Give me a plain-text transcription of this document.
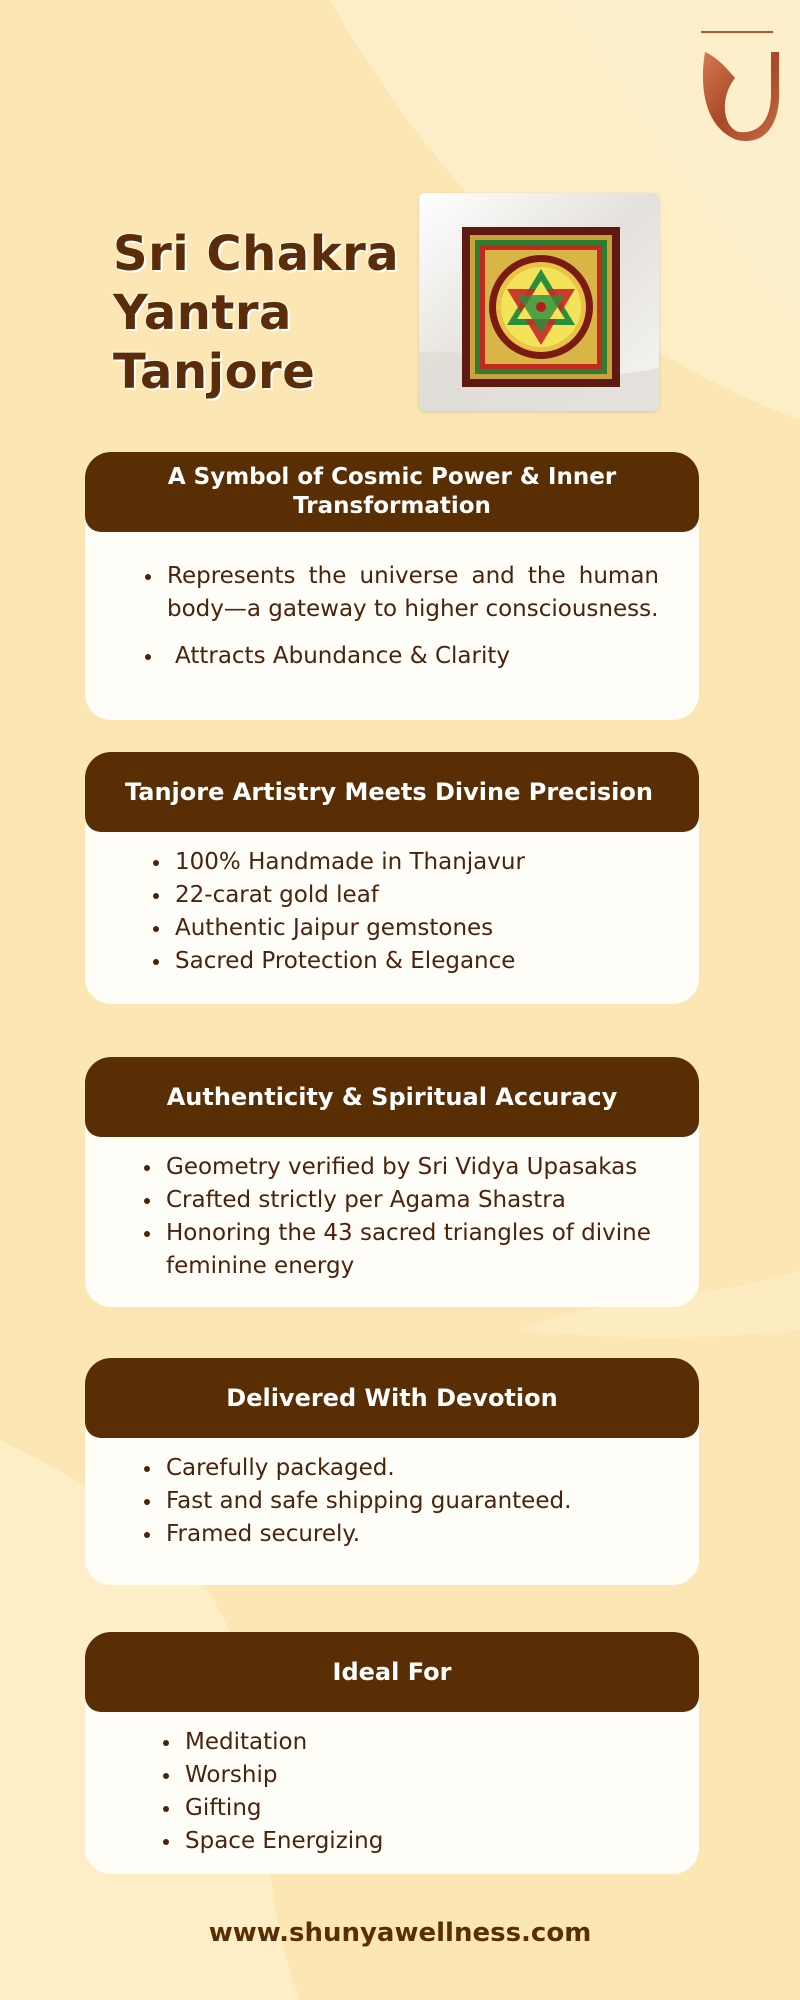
Sri Chakra
Yantra
Tanjore
A Symbol of Cosmic Power & Inner Transformation
Represents the universe and the human body—a gateway to higher consciousness.
Attracts Abundance & Clarity
Tanjore Artistry Meets Divine Precision
100% Handmade in Thanjavur
22-carat gold leaf
Authentic Jaipur gemstones
Sacred Protection & Elegance
Authenticity & Spiritual Accuracy
Geometry verified by Sri Vidya Upasakas
Crafted strictly per Agama Shastra
Honoring the 43 sacred triangles of divine feminine energy
Delivered With Devotion
Carefully packaged.
Fast and safe shipping guaranteed.
Framed securely.
Ideal For
Meditation
Worship
Gifting
Space Energizing
www.shunyawellness.com
